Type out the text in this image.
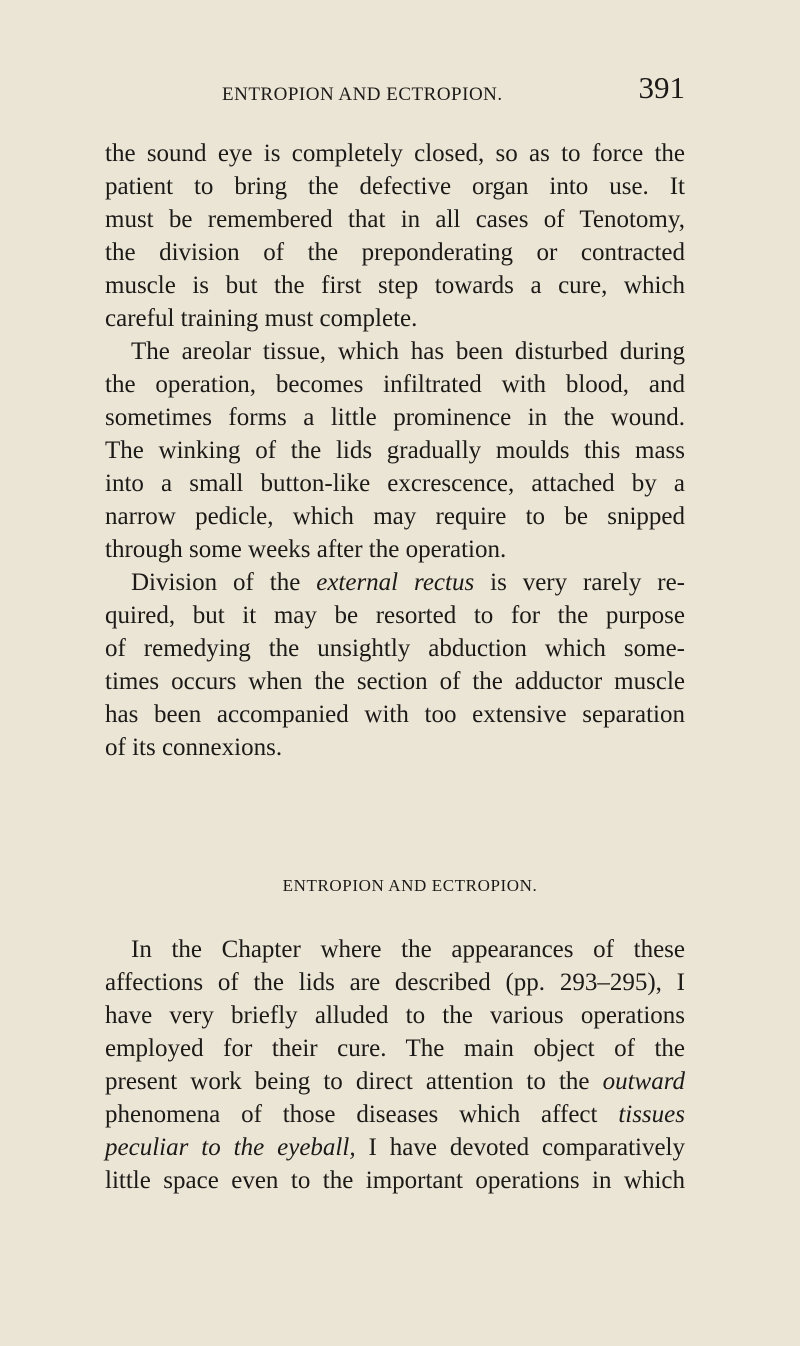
ENTROPION AND ECTROPION.	391
the sound eye is completely closed, so as to force the
patient to bring the defective organ into use. It
must be remembered that in all cases of Tenotomy,
the division of the preponderating or contracted
muscle is but the first step towards a cure, which
careful training must complete.
The areolar tissue, which has been disturbed during
the operation, becomes infiltrated with blood, and
sometimes forms a little prominence in the wound.
The winking of the lids gradually moulds this mass
into a small button-like excrescence, attached by a
narrow pedicle, which may require to be snipped
through some weeks after the operation.
Division of the external rectus is very rarely re-
quired, but it may be resorted to for the purpose
of remedying the unsightly abduction which some-
times occurs when the section of the adductor muscle
has been accompanied with too extensive separation
of its connexions.
ENTROPION AND ECTROPION.
In the Chapter where the appearances of these
affections of the lids are described (pp. 293–295), I
have very briefly alluded to the various operations
employed for their cure. The main object of the
present work being to direct attention to the outward
phenomena of those diseases which affect tissues
peculiar to the eyeball, I have devoted comparatively
little space even to the important operations in which
